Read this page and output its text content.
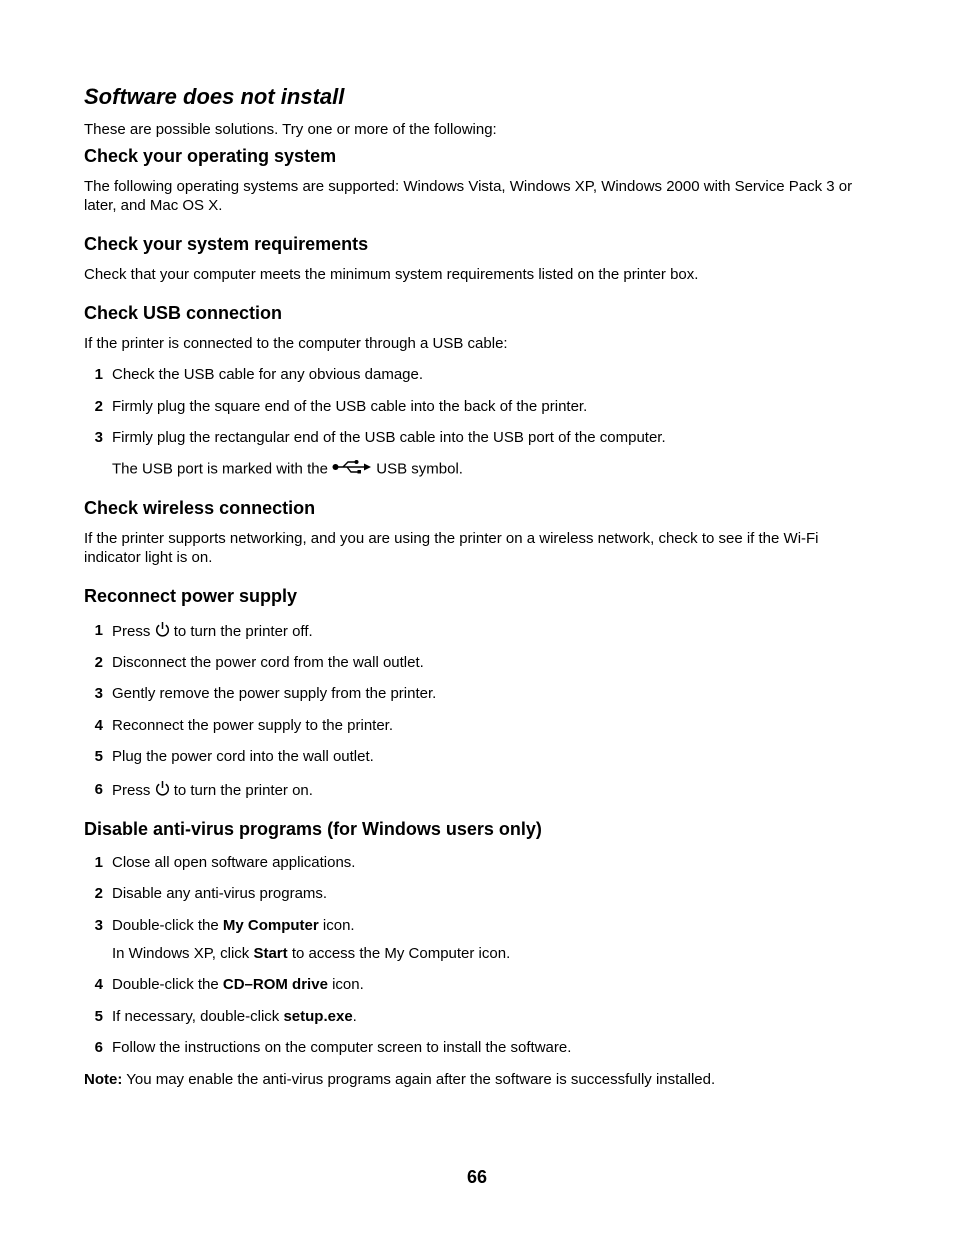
Software does not install

These are possible solutions. Try one or more of the following:

Check your operating system

The following operating systems are supported: Windows Vista, Windows XP, Windows 2000 with Service Pack 3 or later, and Mac OS X.

Check your system requirements

Check that your computer meets the minimum system requirements listed on the printer box.

Check USB connection

If the printer is connected to the computer through a USB cable:

1 Check the USB cable for any obvious damage.
2 Firmly plug the square end of the USB cable into the back of the printer.
3 Firmly plug the rectangular end of the USB cable into the USB port of the computer.
The USB port is marked with the	USB symbol.
Check wireless connection

If the printer supports networking, and you are using the printer on a wireless network, check to see if the Wi-Fi indicator light is on.

Reconnect power supply
1 Press to turn the printer off.
2 Disconnect the power cord from the wall outlet.
3 Gently remove the power supply from the printer.
4 Reconnect the power supply to the printer.
5 Plug the power cord into the wall outlet.
6 Press to turn the printer on.
Disable anti-virus programs (for Windows users only)
1 Close all open software applications.
2 Disable any anti-virus programs.
3 Double-click the My Computer icon.
In Windows XP, click Start to access the My Computer icon.
4 Double-click the CD–ROM drive icon.
5 If necessary, double-click setup.exe.
6 Follow the instructions on the computer screen to install the software.

Note: You may enable the anti-virus programs again after the software is successfully installed.

66
